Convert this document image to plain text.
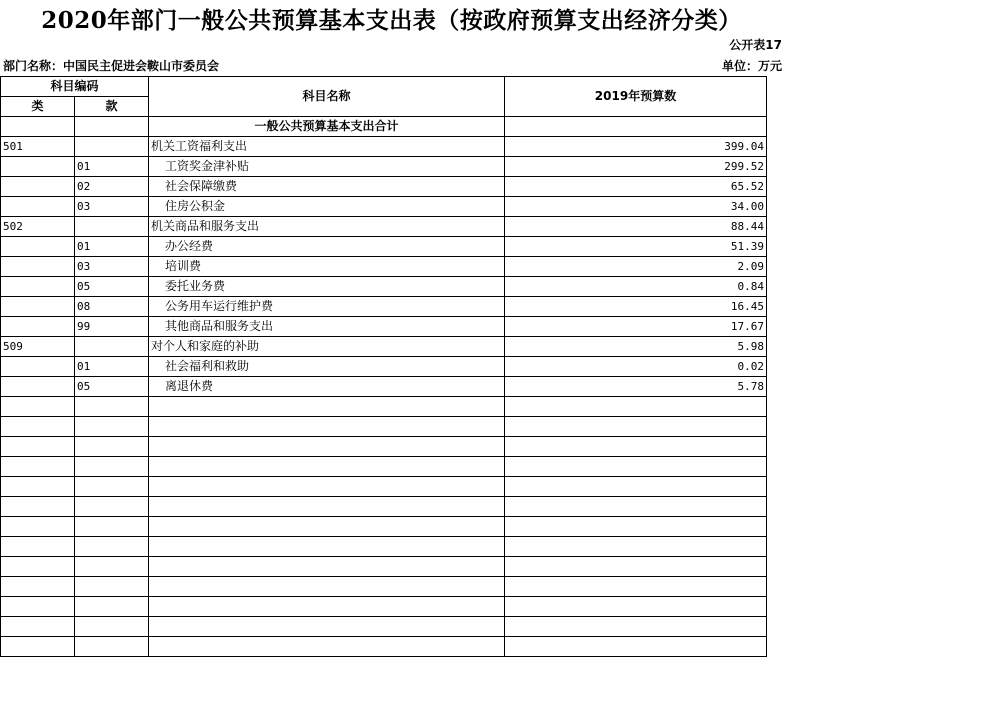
2020年部门一般公共预算基本支出表（按政府预算支出经济分类）
公开表17
部门名称：中国民主促进会鞍山市委员会	单位：万元
科目编码		科目名称	2019年预算数
类	款		
		一般公共预算基本支出合计	
501		机关工资福利支出	399.04
	01	工资奖金津补贴	299.52
	02	社会保障缴费	65.52
	03	住房公积金	34.00
502		机关商品和服务支出	88.44
	01	办公经费	51.39
	03	培训费	2.09
	05	委托业务费	0.84
	08	公务用车运行维护费	16.45
	99	其他商品和服务支出	17.67
509		对个人和家庭的补助	5.98
	01	社会福利和救助	0.02
	05	离退休费	5.78
